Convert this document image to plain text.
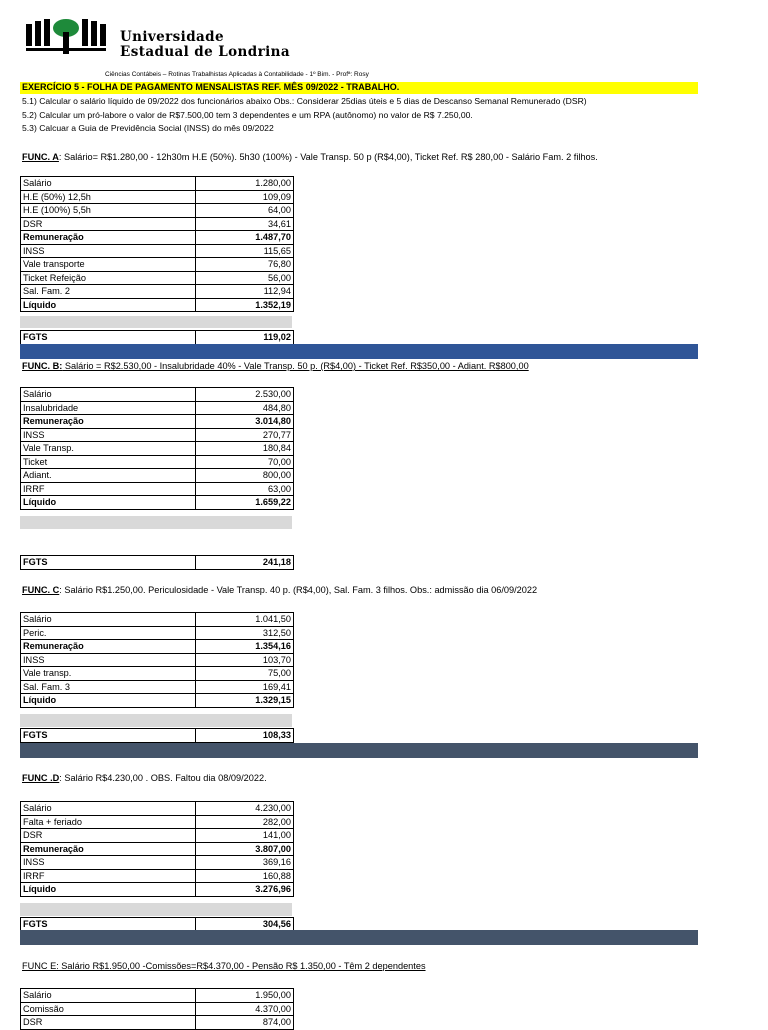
Universidade
Estadual de Londrina
Ciências Contábeis – Rotinas Trabalhistas Aplicadas à Contabilidade - 1º Bim. - Profª: Rosy
EXERCÍCIO 5 - FOLHA DE PAGAMENTO MENSALISTAS REF. MÊS 09/2022 - TRABALHO.
5.1) Calcular o salário líquido de 09/2022 dos funcionários abaixo Obs.: Considerar 25dias úteis e 5 dias de Descanso Semanal Remunerado (DSR)
5.2) Calcular um pró-labore o valor de R$7.500,00 tem 3 dependentes e um RPA (autônomo) no valor de R$ 7.250,00.
5.3) Calcuar a Guia de Previdência Social (INSS) do mês 09/2022
FUNC. A: Salário= R$1.280,00 - 12h30m H.E (50%). 5h30 (100%) - Vale Transp. 50 p (R$4,00), Ticket Ref. R$ 280,00 - Salário Fam. 2 filhos.
Salário	1.280,00
H.E (50%) 12,5h	109,09
H.E (100%) 5,5h	64,00
DSR	34,61
Remuneração	1.487,70
INSS	115,65
Vale transporte	76,80
Ticket Refeição	56,00
Sal. Fam. 2	112,94
Líquido	1.352,19
FGTS	119,02
FUNC. B: Salário = R$2.530,00 - Insalubridade 40% - Vale Transp. 50 p. (R$4,00) - Ticket Ref. R$350,00 - Adiant. R$800,00
Salário	2.530,00
Insalubridade	484,80
Remuneração	3.014,80
INSS	270,77
Vale Transp.	180,84
Ticket	70,00
Adiant.	800,00
IRRF	63,00
Líquido	1.659,22
FGTS	241,18
FUNC. C: Salário R$1.250,00. Periculosidade - Vale Transp. 40 p. (R$4,00), Sal. Fam. 3 filhos. Obs.: admissão dia 06/09/2022
Salário	1.041,50
Peric.	312,50
Remuneração	1.354,16
INSS	103,70
Vale transp.	75,00
Sal. Fam. 3	169,41
Líquido	1.329,15
FGTS	108,33
FUNC .D: Salário R$4.230,00 . OBS. Faltou dia 08/09/2022.
Salário	4.230,00
Falta + feriado	282,00
DSR	141,00
Remuneração	3.807,00
INSS	369,16
IRRF	160,88
Líquido	3.276,96
FGTS	304,56
FUNC E: Salário R$1.950,00 -Comissões=R$4.370,00 - Pensão R$ 1.350,00 - Têm 2 dependentes
Salário	1.950,00
Comissão	4.370,00
DSR	874,00
